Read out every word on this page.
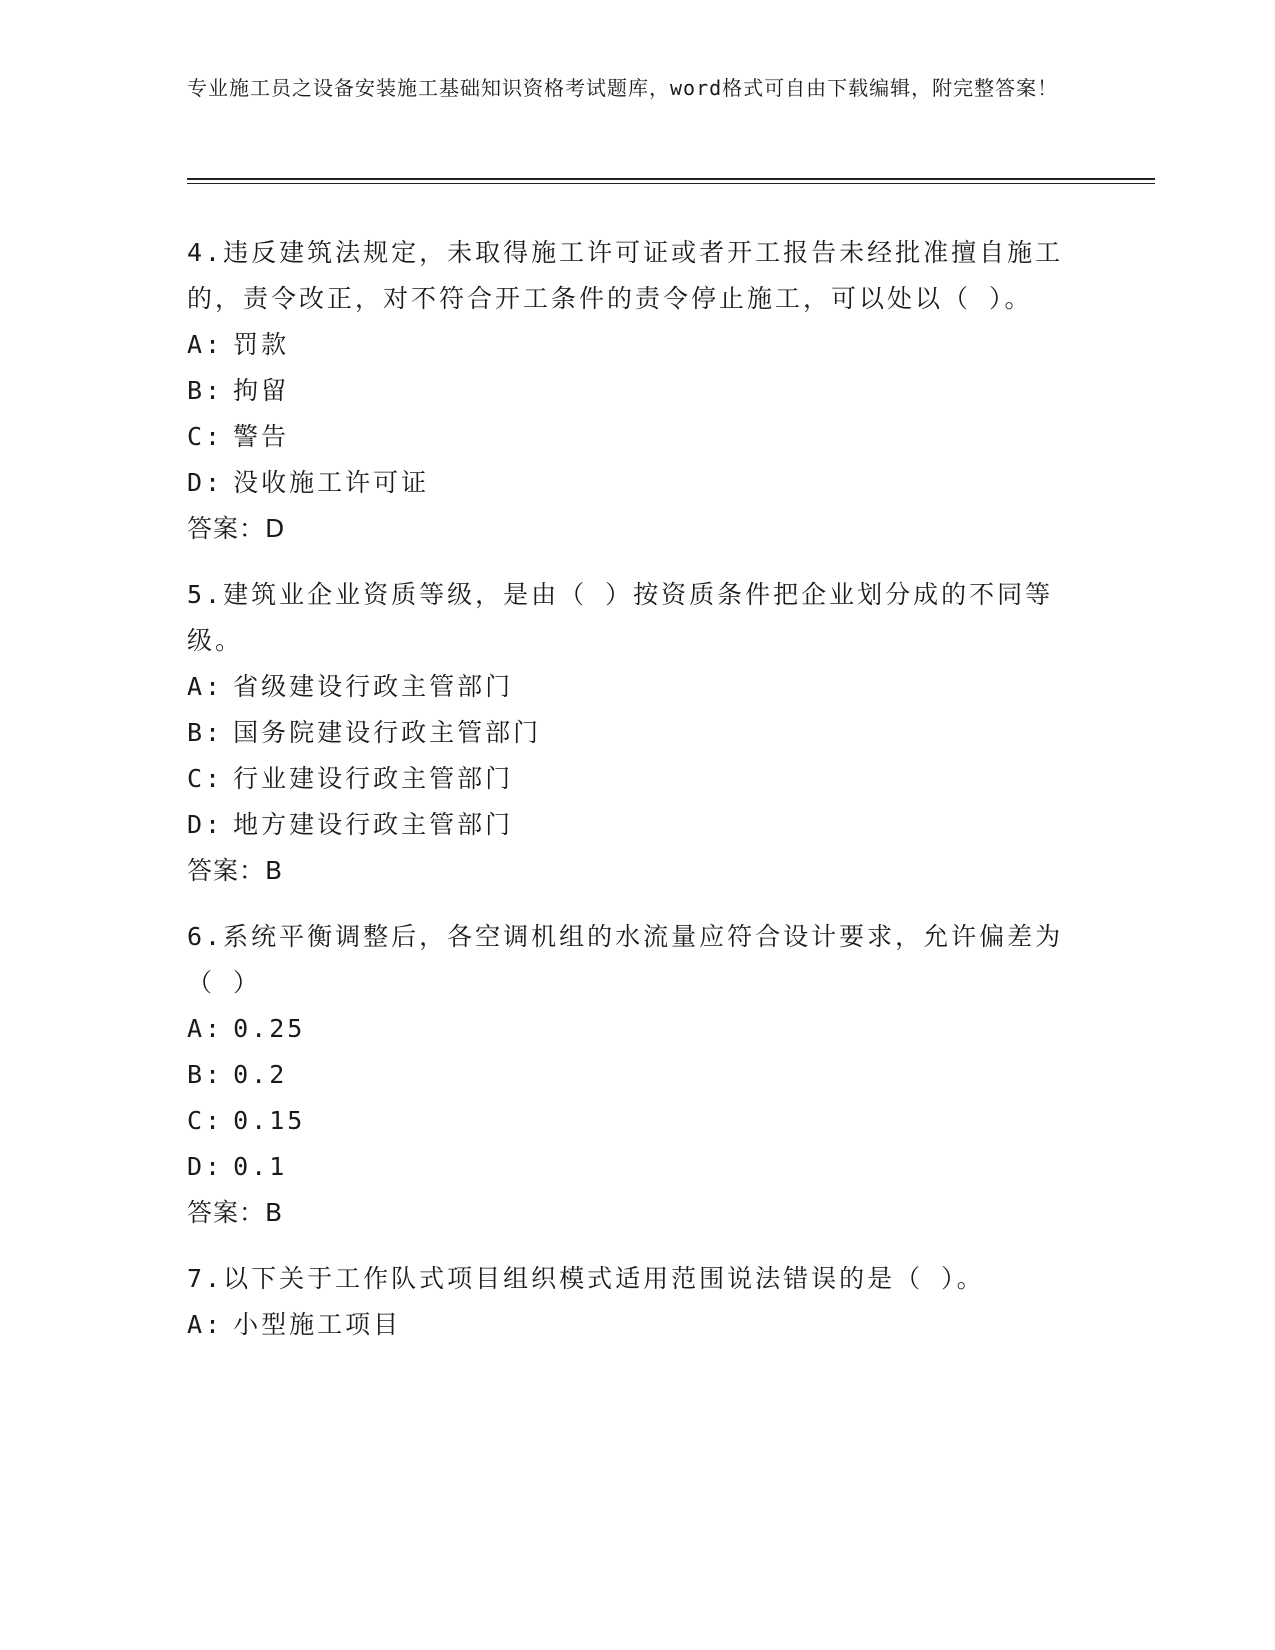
专业施工员之设备安装施工基础知识资格考试题库，word格式可自由下载编辑，附完整答案！

4.违反建筑法规定，未取得施工许可证或者开工报告未经批准擅自施工的，责令改正，对不符合开工条件的责令停止施工，可以处以（ ）。

A: 罚款

B: 拘留

C: 警告

D: 没收施工许可证

答案：D

5.建筑业企业资质等级，是由（ ）按资质条件把企业划分成的不同等级。

A: 省级建设行政主管部门

B: 国务院建设行政主管部门

C: 行业建设行政主管部门

D: 地方建设行政主管部门

答案：B

6.系统平衡调整后，各空调机组的水流量应符合设计要求，允许偏差为（ ）

A: 0.25

B: 0.2

C: 0.15

D: 0.1

答案：B

7.以下关于工作队式项目组织模式适用范围说法错误的是（ ）。

A: 小型施工项目
